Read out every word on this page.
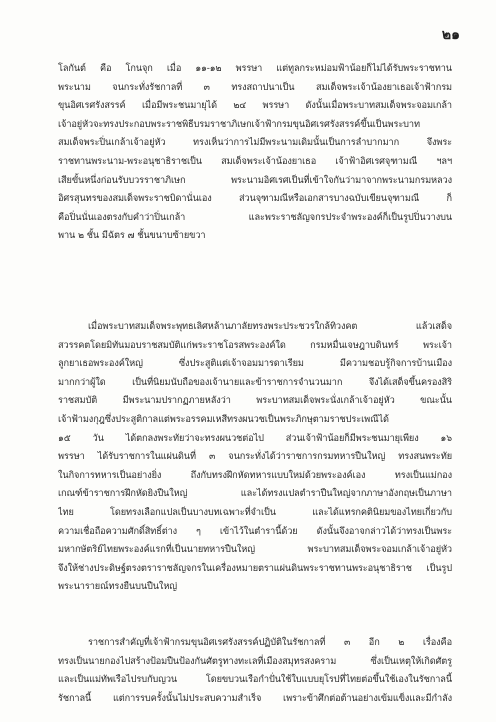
๒๑
โลกันต์ คือ โกนจุก เมื่อ ๑๑-๑๒ พรรษา แต่ทูลกระหม่อมฟ้าน้อยก็ไม่ได้รับพระราชทาน
พระนาม จนกระทั่งรัชกาลที่ ๓ ทรงสถาปนาเป็น สมเด็จพระเจ้าน้องยาเธอเจ้าฟ้ากรม
ขุนอิศเรศรังสรรค์ เมื่อมีพระชนมายุได้ ๒๔ พรรษา ดังนั้นเมื่อพระบาทสมเด็จพระจอมเกล้า
เจ้าอยู่หัวจะทรงประกอบพระราชพิธีบรมราชาภิเษกเจ้าฟ้ากรมขุนอิศเรศรังสรรค์ขึ้นเป็นพระบาท
สมเด็จพระปิ่นเกล้าเจ้าอยู่หัว ทรงเห็นว่าการไม่มีพระนามเดิมนั้นเป็นการลำบากมาก จึงพระ
ราชทานพระนาม-พระอนุชาธิราชเป็น สมเด็จพระเจ้าน้องยาเธอ เจ้าฟ้าอิศเรศจุฑามณี ฯลฯ
เสียขั้นหนึ่งก่อนรับบวรราชาภิเษก พระนามอิศเรศเป็นที่เข้าใจกันว่ามาจากพระนามกรมหลวง
อิศรสุนทรของสมเด็จพระราชบิดานั่นเอง ส่วนจุฑามณีหรือเอกสารบางฉบับเขียนจุฑามณี ก็
คือปิ่นนั่นเองตรงกับคำว่าปิ่นเกล้า และพระราชลัญจกรประจำพระองค์ก็เป็นรูปปิ่นวางบน
พาน ๒ ชั้น มีฉัตร ๗ ชั้นขนาบซ้ายขวา
เมื่อพระบาทสมเด็จพระพุทธเลิศหล้านภาลัยทรงพระประชวรใกล้ทิวงคต แล้วเสด็จ
สวรรคตโดยมิทันมอบราชสมบัติแก่พระราชโอรสพระองค์ใด กรมหมื่นเจษฎาบดินทร์ พระเจ้า
ลูกยาเธอพระองค์ใหญ่ ซึ่งประสูติแต่เจ้าจอมมารดาเรียม มีความชอบรู้กิจการบ้านเมือง
มากกว่าผู้ใด เป็นที่นิยมนับถือของเจ้านายและข้าราชการจำนวนมาก จึงได้เสด็จขึ้นครองสิริ
ราชสมบัติ มีพระนามปรากฏภายหลังว่า พระบาทสมเด็จพระนั่งเกล้าเจ้าอยู่หัว ขณะนั้น
เจ้าฟ้ามงกุฎซึ่งประสูติกาลแต่พระอรรคมเหสีทรงผนวชเป็นพระภิกษุตามราชประเพณีได้
๑๕ วัน ได้ตกลงพระทัยว่าจะทรงผนวชต่อไป ส่วนเจ้าฟ้าน้อยก็มีพระชนมายุเพียง ๑๖
พรรษา ได้รับราชการในแผ่นดินที่ ๓ จนกระทั่งได้ว่าราชการกรมทหารปืนใหญ่ ทรงสนพระทัย
ในกิจการทหารเป็นอย่างยิ่ง ถึงกับทรงฝึกหัดทหารแบบใหม่ด้วยพระองค์เอง ทรงเป็นแม่กอง
เกณฑ์ข้าราชการฝึกหัดยิงปืนใหญ่ และได้ทรงแปลตำราปืนใหญ่จากภาษาอังกฤษเป็นภาษา
ไทย โดยทรงเลือกแปลเป็นบางบทเฉพาะที่จำเป็น และได้แทรกคตินิยมของไทยเกี่ยวกับ
ความเชื่อถือความศักดิ์สิทธิ์ต่าง ๆ เข้าไว้ในตำรานี้ด้วย ดังนั้นจึงอาจกล่าวได้ว่าทรงเป็นพระ
มหากษัตริย์ไทยพระองค์แรกที่เป็นนายทหารปืนใหญ่ พระบาทสมเด็จพระจอมเกล้าเจ้าอยู่หัว
จึงให้ช่างประดิษฐ์ตรงตราราชลัญจกรในเครื่องหมายตราแผ่นดินพระราชทานพระอนุชาธิราช เป็นรูป
พระนารายณ์ทรงยืนบนปืนใหญ่
ราชการสำคัญที่เจ้าฟ้ากรมขุนอิศเรศรังสรรค์ปฏิบัติในรัชกาลที่ ๓ อีก ๒ เรื่องคือ
ทรงเป็นนายกองไปสร้างป้อมปืนป้องกันศัตรูทางทะเลที่เมืองสมุทรสงคราม ซึ่งเป็นเหตุให้เกิดศัตรู
และเป็นแม่ทัพเรือไปรบกับญวน โดยขบวนเรือกำปั่นใช้ใบแบบยุโรปที่ไทยต่อขึ้นใช้เองในรัชกาลนี้
รัชกาลนี้ แต่การรบครั้งนั้นไม่ประสบความสำเร็จ เพราะข้าศึกต่อต้านอย่างเข้มแข็งและมีกำลัง
